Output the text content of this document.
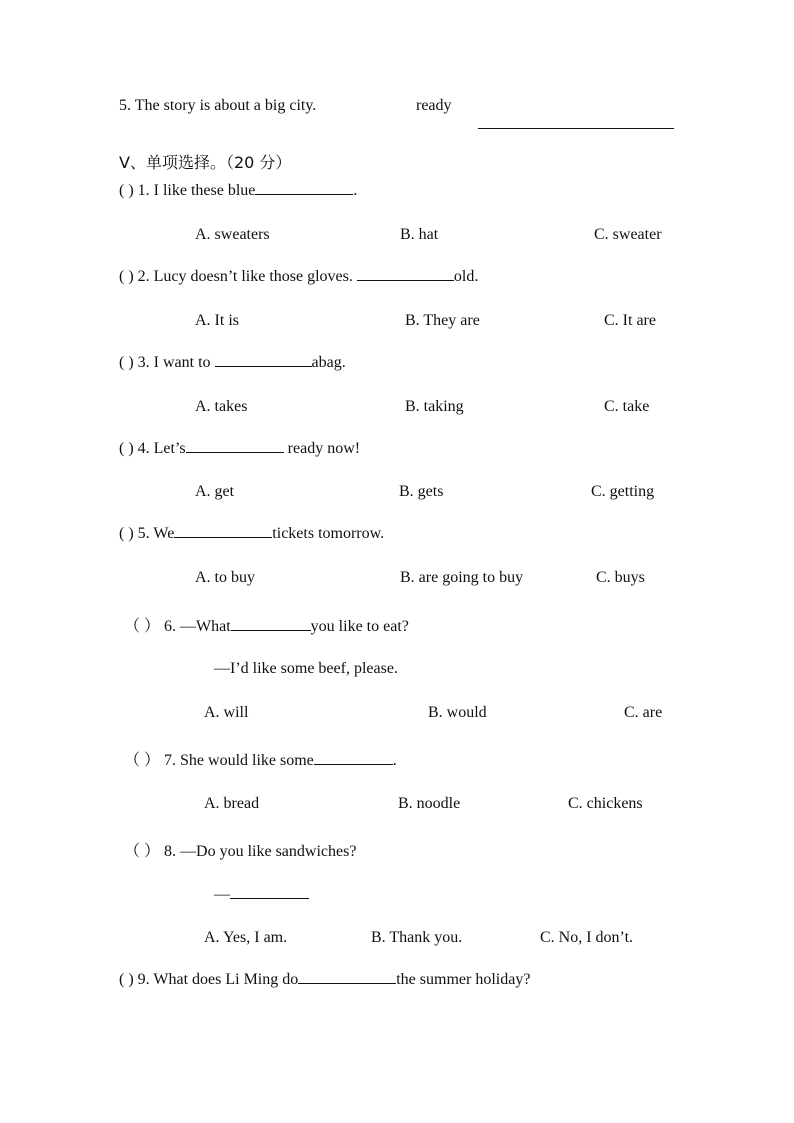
5. The story is about a big city.	ready
Ⅴ、单项选择。（20 分）
( ) 1. I like these blue	.
A. sweaters	B. hat	C. sweater
( ) 2. Lucy doesn’t like those gloves.	old.
A. It is	B. They are	C. It are
( ) 3. I want to	abag.
A. takes	B. taking	C. take
( ) 4. Let’s	ready now!
A. get	B. gets	C. getting
( ) 5. We	tickets tomorrow.
A. to buy	B. are going to buy	C. buys
（ ） 6. —What	you like to eat?
—I’d like some beef, please.
A. will	B. would	C. are
（ ） 7. She would like some	.
A. bread	B. noodle	C. chickens
（ ） 8. —Do you like sandwiches?
—
A. Yes, I am.	B. Thank you.	C. No, I don’t.
( ) 9. What does Li Ming do	the summer holiday?
